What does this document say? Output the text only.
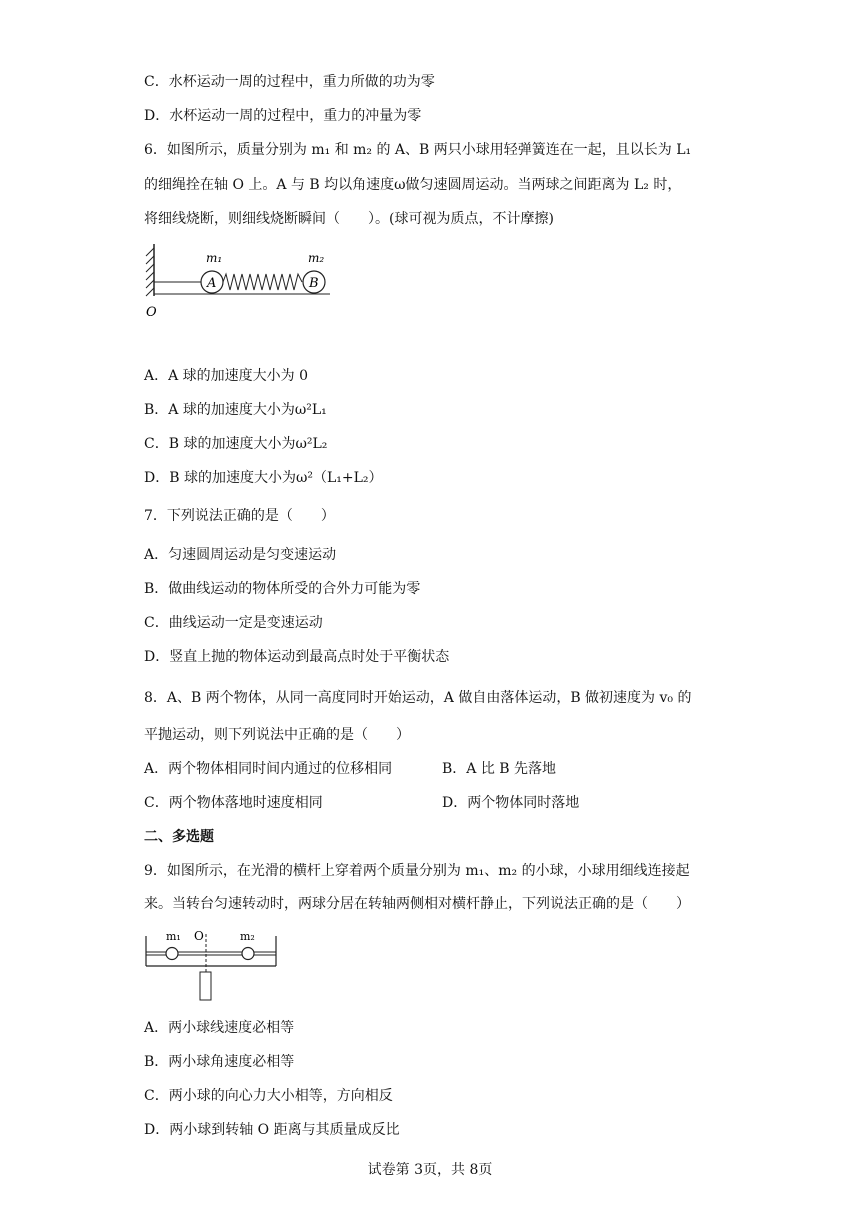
C．水杯运动一周的过程中，重力所做的功为零
D．水杯运动一周的过程中，重力的冲量为零
6．如图所示，质量分别为 m₁ 和 m₂ 的 A、B 两只小球用轻弹簧连在一起，且以长为 L₁
的细绳拴在轴 O 上。A 与 B 均以角速度ω做匀速圆周运动。当两球之间距离为 L₂ 时，
将细线烧断，则细线烧断瞬间（　　）。(球可视为质点，不计摩擦)
A	B
m₁	m₂
O
A．A 球的加速度大小为 0
B．A 球的加速度大小为ω²L₁
C．B 球的加速度大小为ω²L₂
D．B 球的加速度大小为ω²（L₁+L₂）
7．下列说法正确的是（　　）
A．匀速圆周运动是匀变速运动
B．做曲线运动的物体所受的合外力可能为零
C．曲线运动一定是变速运动
D．竖直上抛的物体运动到最高点时处于平衡状态
8．A、B 两个物体，从同一高度同时开始运动，A 做自由落体运动，B 做初速度为 v₀ 的
平抛运动，则下列说法中正确的是（　　）
A．两个物体相同时间内通过的位移相同	B．A 比 B 先落地
C．两个物体落地时速度相同	D．两个物体同时落地
二、多选题
9．如图所示，在光滑的横杆上穿着两个质量分别为 m₁、m₂ 的小球，小球用细线连接起
来。当转台匀速转动时，两球分居在转轴两侧相对横杆静止，下列说法正确的是（　　）
m₁ O	m₂
A．两小球线速度必相等
B．两小球角速度必相等
C．两小球的向心力大小相等，方向相反
D．两小球到转轴 O 距离与其质量成反比
试卷第 3页，共 8页
